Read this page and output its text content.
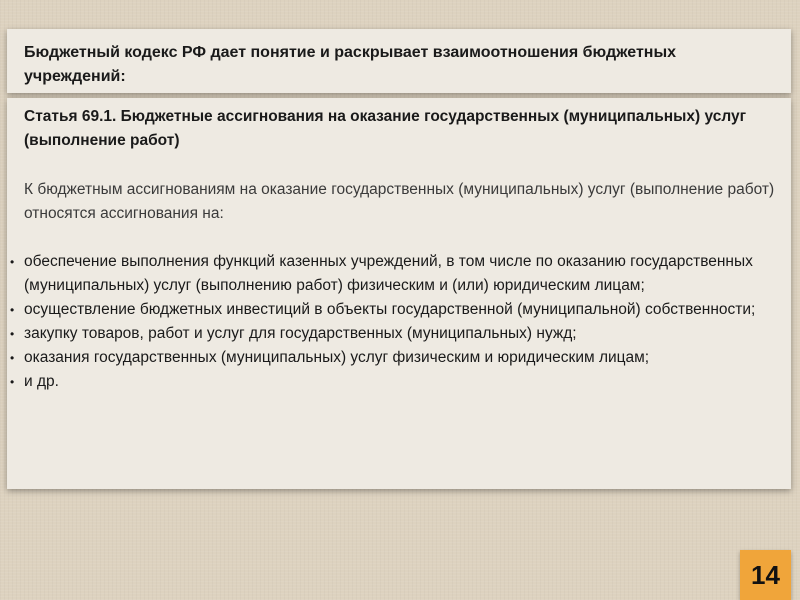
Бюджетный кодекс РФ дает понятие и раскрывает взаимоотношения бюджетных учреждений:
Статья 69.1. Бюджетные ассигнования на оказание государственных (муниципальных) услуг (выполнение работ)
К бюджетным ассигнованиям на оказание государственных (муниципальных) услуг (выполнение работ) относятся ассигнования на:
• обеспечение выполнения функций казенных учреждений, в том числе по оказанию государственных (муниципальных) услуг (выполнению работ) физическим и (или) юридическим лицам;
• осуществление бюджетных инвестиций в объекты государственной (муниципальной) собственности;
• закупку товаров, работ и услуг для государственных (муниципальных) нужд;
• оказания государственных (муниципальных) услуг физическим и юридическим лицам;
• и др.
14
